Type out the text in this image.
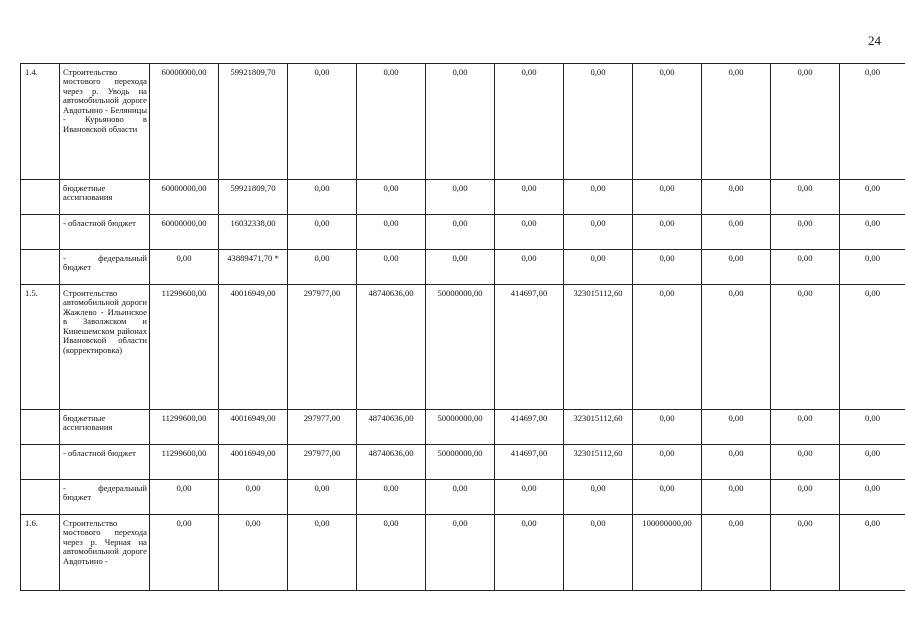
24
1.4.	Строительство мостового перехода через р. Уводь на автомобильной дороге Авдотьино - Беляницы - Курьяново в Ивановской области	60000000,00	59921809,70	0,00	0,00	0,00	0,00	0,00	0,00	0,00	0,00	0,00

	бюджетные ассигнования	60000000,00	59921809,70	0,00	0,00	0,00	0,00	0,00	0,00	0,00	0,00	0,00

	- областной бюджет	60000000,00	16032338,00	0,00	0,00	0,00	0,00	0,00	0,00	0,00	0,00	0,00

	- федеральный бюджет	0,00	43889471,70 *	0,00	0,00	0,00	0,00	0,00	0,00	0,00	0,00	0,00
1.5.	Строительство автомобильной дороги Жажлево - Ильинское в Заволжском и Кинешемском районах Ивановской области (корректировка)	11299600,00	40016949,00	297977,00	48740636,00	50000000,00	414697,00	323015112,60	0,00	0,00	0,00	0,00

	бюджетные ассигнования	11299600,00	40016949,00	297977,00	48740636,00	50000000,00	414697,00	323015112,60	0,00	0,00	0,00	0,00

	- областной бюджет	11299600,00	40016949,00	297977,00	48740636,00	50000000,00	414697,00	323015112,60	0,00	0,00	0,00	0,00

	- федеральный бюджет	0,00	0,00	0,00	0,00	0,00	0,00	0,00	0,00	0,00	0,00	0,00
1.6.	Строительство мостового перехода через р. Черная на автомобильной дороге Авдотьино -	0,00	0,00	0,00	0,00	0,00	0,00	0,00	100000000,00	0,00	0,00	0,00
